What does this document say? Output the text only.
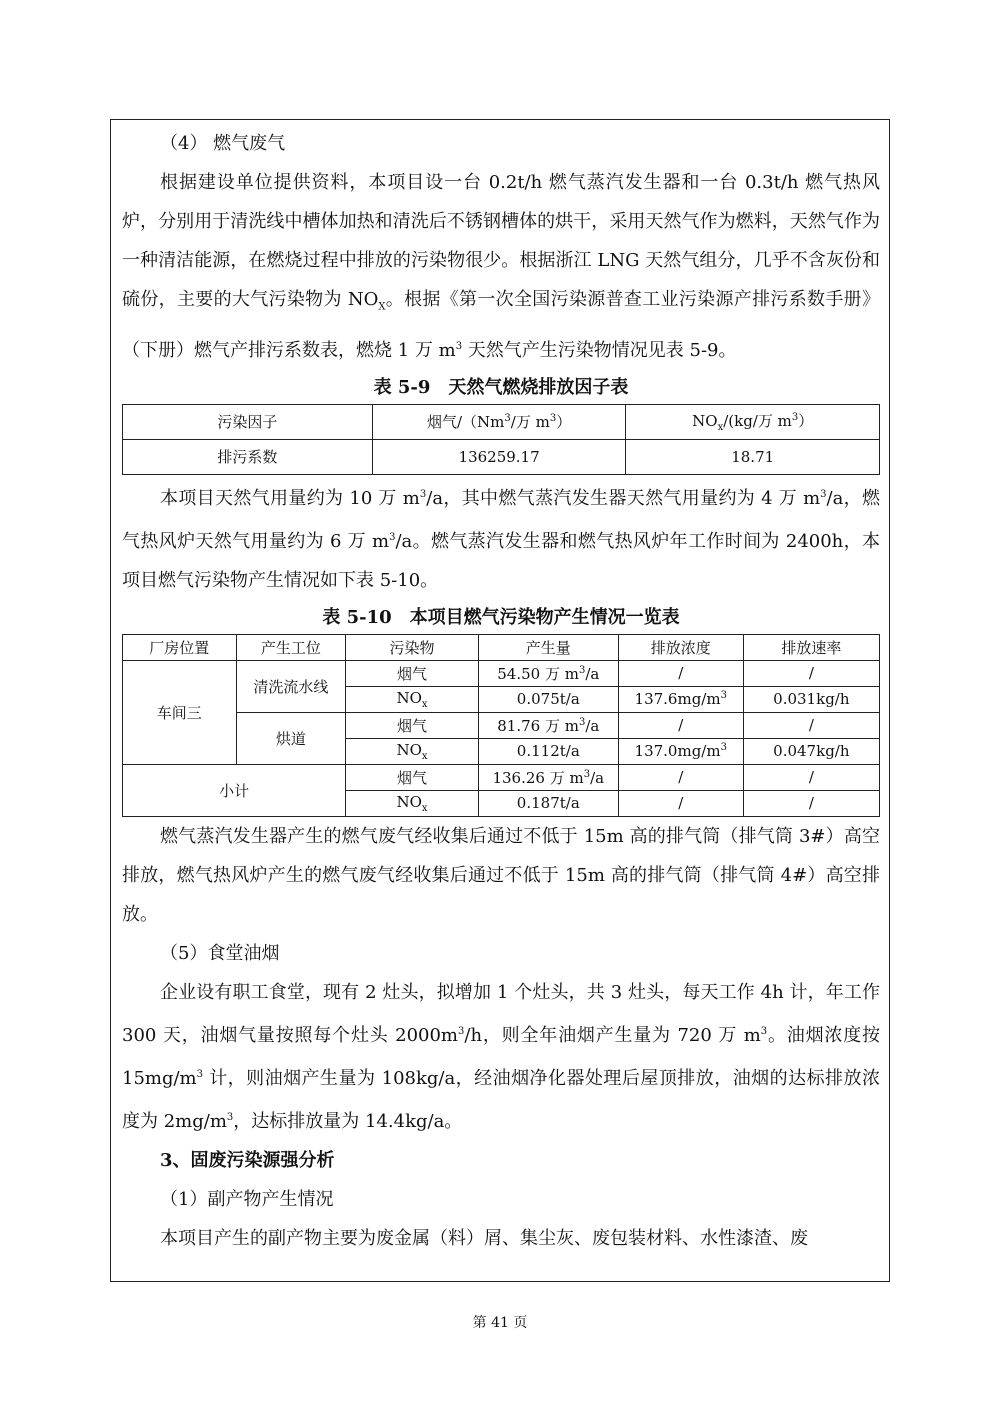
（4） 燃气废气

根据建设单位提供资料，本项目设一台 0.2t/h 燃气蒸汽发生器和一台 0.3t/h 燃气热风炉，分别用于清洗线中槽体加热和清洗后不锈钢槽体的烘干，采用天然气作为燃料，天然气作为一种清洁能源，在燃烧过程中排放的污染物很少。根据浙江 LNG 天然气组分，几乎不含灰份和硫份，主要的大气污染物为 $NO_X$。根据《第一次全国污染源普查工业污染源产排污系数手册》（下册）燃气产排污系数表，燃烧 1 万 $m^3$ 天然气产生污染物情况见表 5-9。

表 5-9　天然气燃烧排放因子表

污染因子	烟气/（Nm$^3$/万 $m^3$）	$NO_x/(kg/$万 $m^3$）
排污系数	136259.17	18.71

本项目天然气用量约为 10 万 $m^3/a$，其中燃气蒸汽发生器天然气用量约为 4 万 $m^3/a$，燃气热风炉天然气用量约为 6 万 $m^3/a$。燃气蒸汽发生器和燃气热风炉年工作时间为 2400h，本项目燃气污染物产生情况如下表 5-10。

表 5-10　本项目燃气污染物产生情况一览表

厂房位置	产生工位	污染物	产生量	排放浓度	排放速率
车间三	清洗流水线	烟气	54.50 万 $m^3/a$	/	/
		$NO_x$	0.075t/a	$137.6mg/m^3$	0.031kg/h
	烘道	烟气	81.76 万 $m^3/a$	/	/
		$NO_x$	0.112t/a	$137.0mg/m^3$	0.047kg/h
小计		烟气	136.26 万 $m^3/a$	/	/
		$NO_x$	0.187t/a	/	/

燃气蒸汽发生器产生的燃气废气经收集后通过不低于 15m 高的排气筒（排气筒 3#）高空排放，燃气热风炉产生的燃气废气经收集后通过不低于 15m 高的排气筒（排气筒 4#）高空排放。

（5）食堂油烟

企业设有职工食堂，现有 2 灶头，拟增加 1 个灶头，共 3 灶头，每天工作 4h 计，年工作 300 天，油烟气量按照每个灶头 $2000m^3/h$，则全年油烟产生量为 720 万 $m^3$。油烟浓度按 $15mg/m^3$ 计，则油烟产生量为 108kg/a，经油烟净化器处理后屋顶排放，油烟的达标排放浓度为 $2mg/m^3$，达标排放量为 14.4kg/a。

3、固废污染源强分析

（1）副产物产生情况

本项目产生的副产物主要为废金属（料）屑、集尘灰、废包装材料、水性漆渣、废

第 41 页
